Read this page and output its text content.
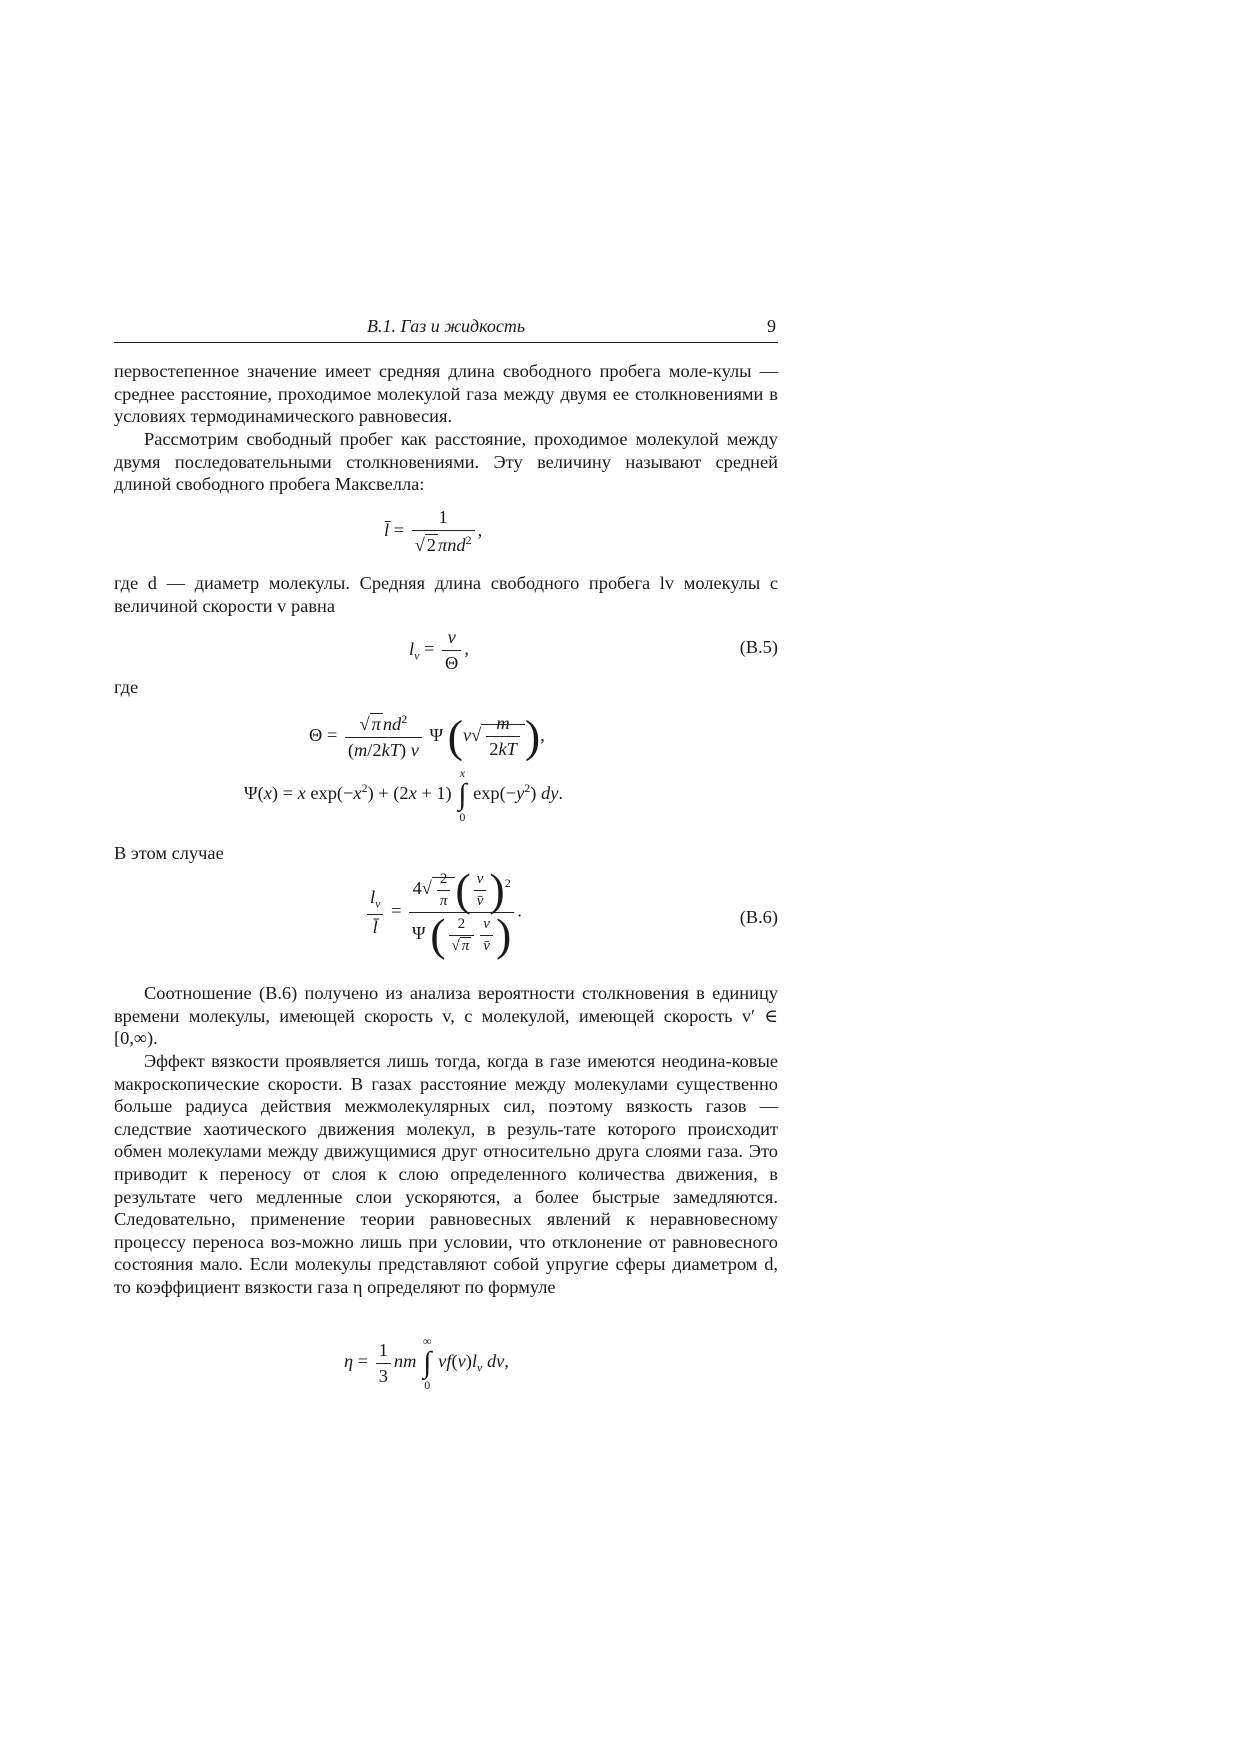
В.1. Газ и жидкость	9

первостепенное значение имеет средняя длина свободного пробега моле-кулы — среднее расстояние, проходимое молекулой газа между двумя ее столкновениями в условиях термодинамического равновесия.

Рассмотрим свободный пробег как расстояние, проходимое молекулой между двумя последовательными столкновениями. Эту величину называют средней длиной свободного пробега Максвелла:

l̄ = $\frac{1}{√ 2 \pi nd^2}$ ,

где d — диаметр молекулы. Средняя длина свободного пробега lv молекулы с величиной скорости v равна

$l_v = \frac{v}{\Theta}$ ,	(В.5)

где

$\Theta = \frac{√ \pi nd^2}{(m/2kT) v}$ Ψ ($v√ \frac{m}{2kT}$ ),
Ψ(x) = x $\exp(-x^2) + (2x + 1)$
x
∫
0
$\exp(-y^2)$ dy.

В этом случае

$\frac{l_v}{l̄} = \frac{4√ \frac{2}{\pi} ( \frac{v}{v̄} )^2}{\Psi ( \frac{2}{√ \pi} \frac{v}{v̄} )}$ .	(В.6)

Соотношение (В.6) получено из анализа вероятности столкновения в единицу времени молекулы, имеющей скорость v, с молекулой, имеющей скорость v′ ∈ [0,∞).

Эффект вязкости проявляется лишь тогда, когда в газе имеются неодина-ковые макроскопические скорости. В газах расстояние между молекулами существенно больше радиуса действия межмолекулярных сил, поэтому вязкость газов — следствие хаотического движения молекул, в резуль-тате которого происходит обмен молекулами между движущимися друг относительно друга слоями газа. Это приводит к переносу от слоя к слою определенного количества движения, в результате чего медленные слои ускоряются, а более быстрые замедляются. Следовательно, применение теории равновесных явлений к неравновесному процессу переноса воз-можно лишь при условии, что отклонение от равновесного состояния мало. Если молекулы представляют собой упругие сферы диаметром d, то коэффициент вязкости газа η определяют по формуле

$\eta = \frac{1}{3}$ nm
∞
∫
0
$vf(v)l_v$ dv,
